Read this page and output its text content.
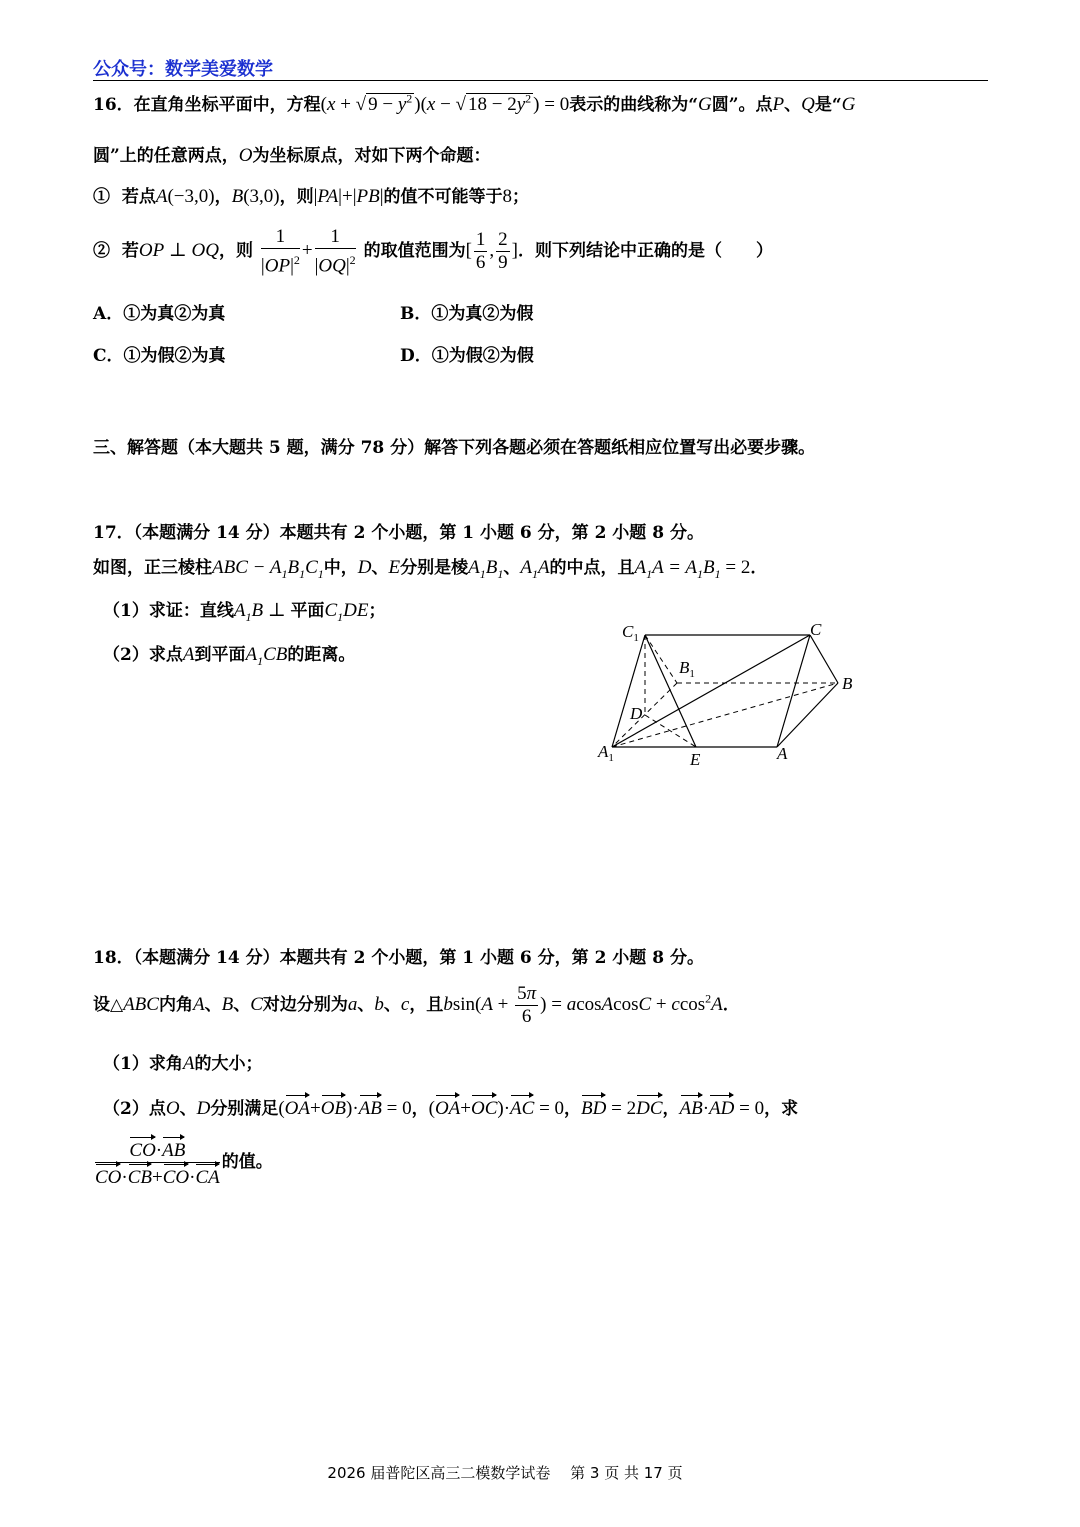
公众号：数学美爱数学
16．在直角坐标平面中，方程(x + √ $9 - y^2$ )(x − √ $18 - 2y^2$ ) = 0表示的曲线称为“G圆”。点P、Q是“G
圆”上的任意两点，O为坐标原点，对如下两个命题：
① 若点A(−3,0)，B(3,0)，则|PA|+|PB|的值不可能等于8；
② 若OP ⊥ OQ，则 $\frac{1}{|OP|^2} + \frac{1}{|OQ|^2}$ 的取值范围为[ $\frac{1}{6}$ , $\frac{2}{9}$ ]．则下列结论中正确的是（　　）
A．①为真②为真	B．①为真②为假
C．①为假②为真	D．①为假②为假
三、解答题（本大题共 5 题，满分 78 分）解答下列各题必须在答题纸相应位置写出必要步骤。
17．（本题满分 14 分）本题共有 2 个小题，第 1 小题 6 分，第 2 小题 8 分。
如图，正三棱柱ABC − $A_1B_1C_1$中，D、E分别是棱$A_1B_1$、$A_1A$的中点，且$A_1A = A_1B_1 = 2$．
（1）求证：直线$A_1B$ ⊥ 平面$C_1DE$；
（2）求点A到平面$A_1CB$的距离。
$C_1$	C
$B_1$	B
D
$A_1$	E	A
18．（本题满分 14 分）本题共有 2 个小题，第 1 小题 6 分，第 2 小题 8 分。
设△ABC内角A、B、C对边分别为a、b、c，且$bsin(A + \frac{5\pi}{6}$ ) = acosAcosC + ccos$^2$A．
（1）求角A的大小；
（2）点O、D分别满足(OA+OB)·AB = 0，(OA+OC)·AC = 0，BD = 2DC，AB·AD = 0，求
$\frac{CO\cdot AB}{CO\cdot CB+CO\cdot CA}$ 的值。
2026 届普陀区高三二模数学试卷　 第 3 页 共 17 页
